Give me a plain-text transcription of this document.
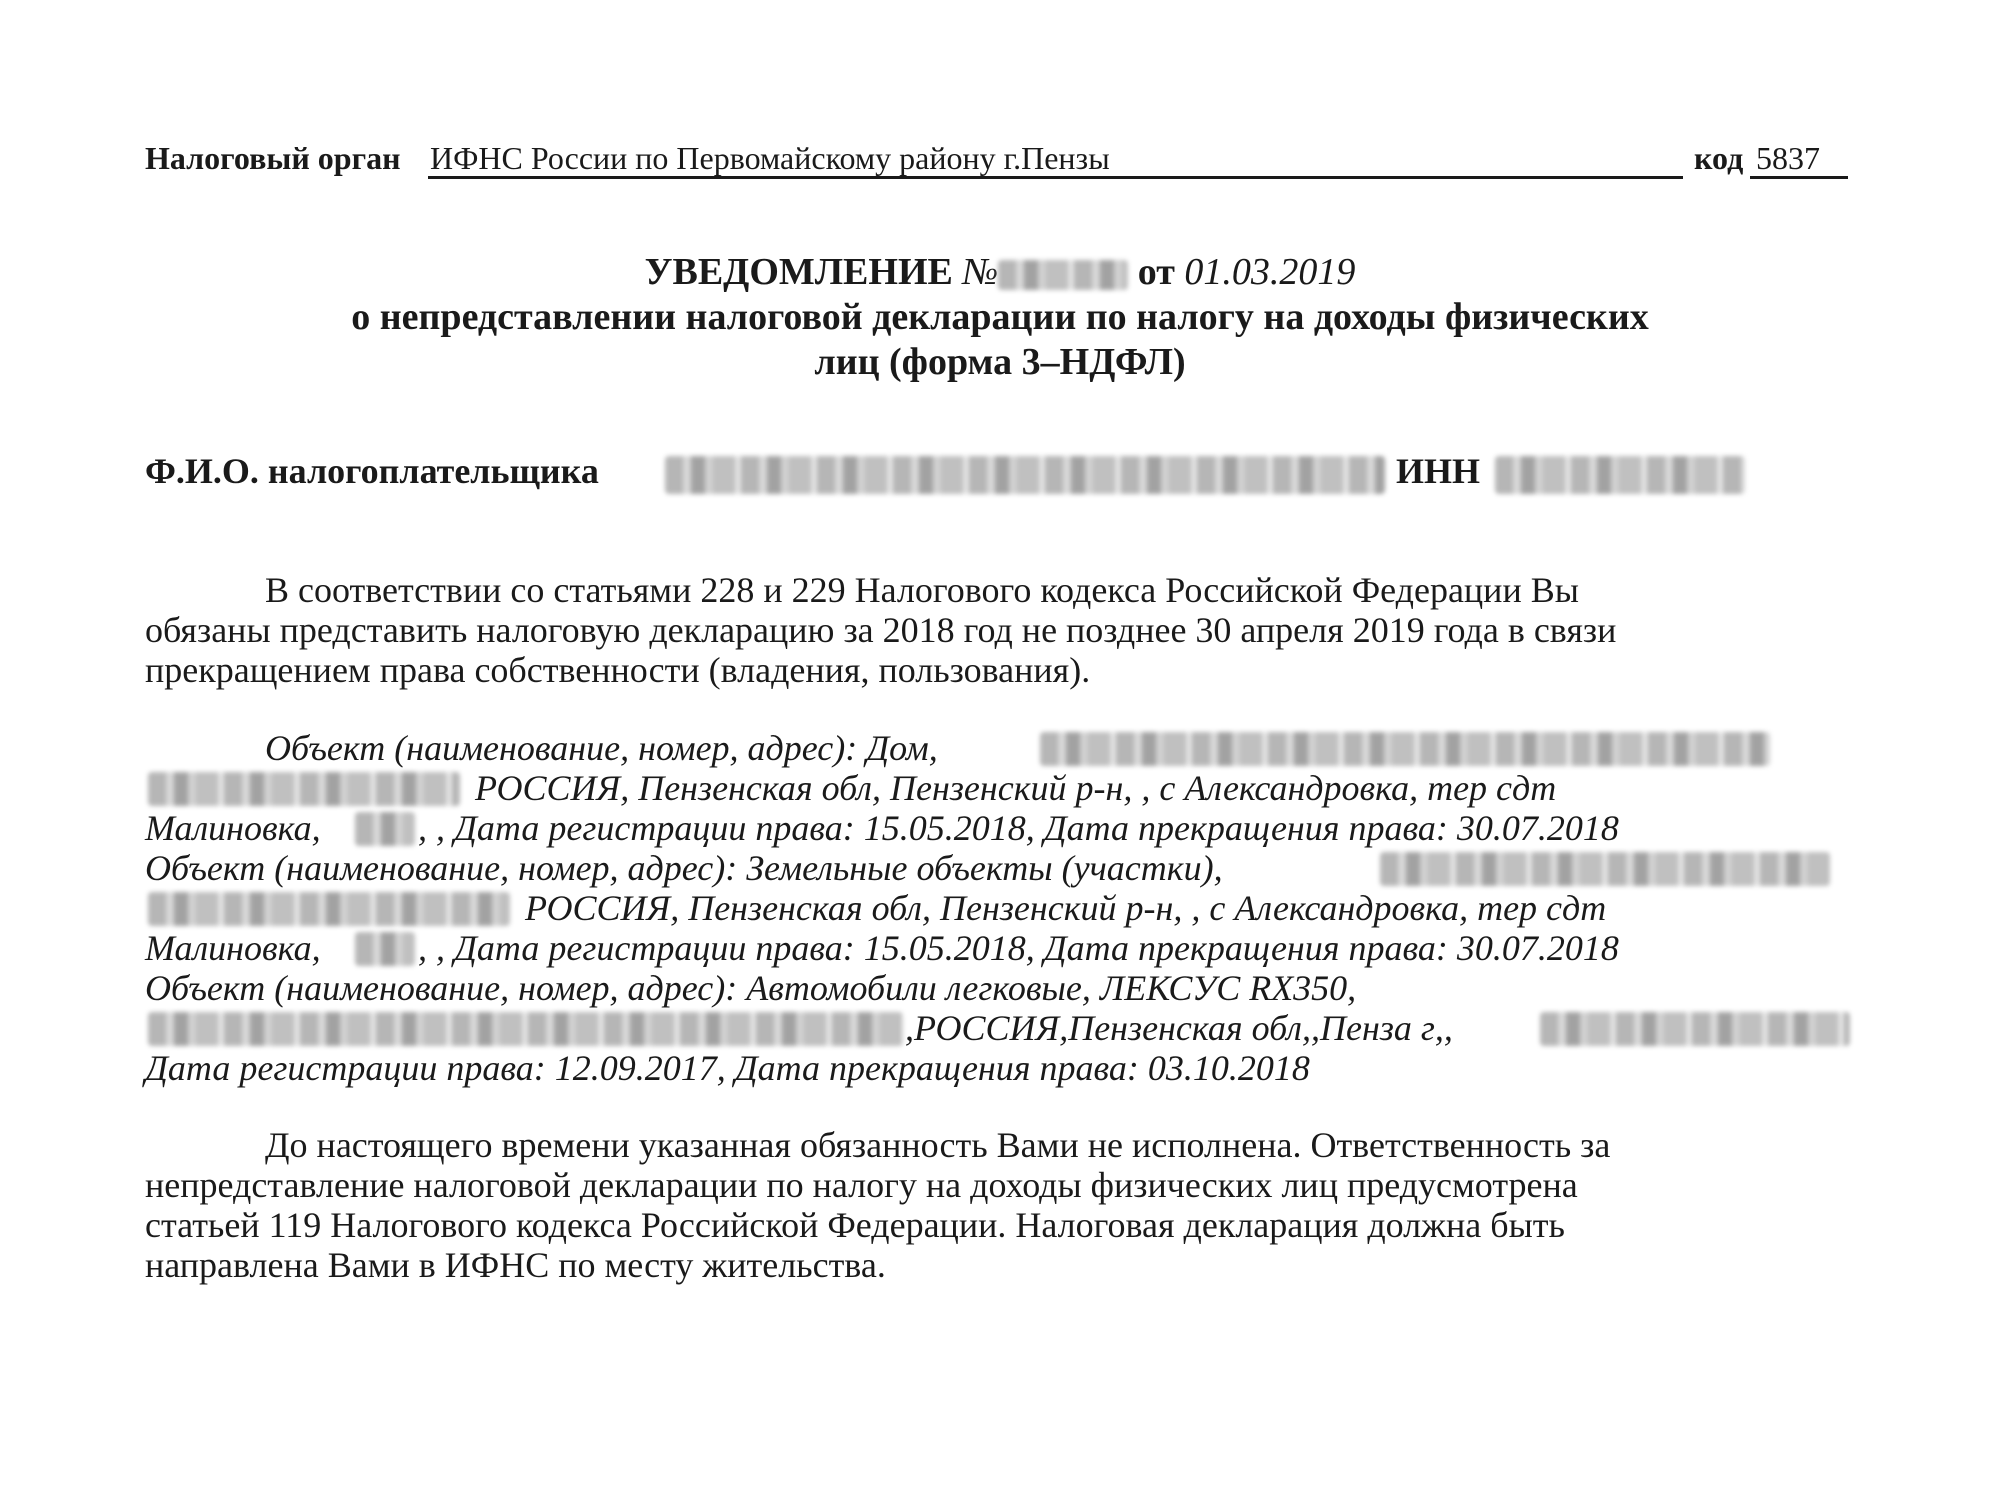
Налоговый орган ИФНС России по Первомайскому району г.Пензы	код 5837
УВЕДОМЛЕНИЕ №	от 01.03.2019
о непредставлении налоговой декларации по налогу на доходы физических
лиц (форма 3–НДФЛ)
Ф.И.О. налогоплательщика	ИНН
В соответствии со статьями 228 и 229 Налогового кодекса Российской Федерации Вы
обязаны представить налоговую декларацию за 2018 год не позднее 30 апреля 2019 года в связи
прекращением права собственности (владения, пользования).
Объект (наименование, номер, адрес): Дом,
РОССИЯ, Пензенская обл, Пензенский р-н, , с Александровка, тер сдт
Малиновка,	, , Дата регистрации права: 15.05.2018, Дата прекращения права: 30.07.2018
Объект (наименование, номер, адрес): Земельные объекты (участки),
РОССИЯ, Пензенская обл, Пензенский р-н, , с Александровка, тер сдт
Малиновка,	, , Дата регистрации права: 15.05.2018, Дата прекращения права: 30.07.2018
Объект (наименование, номер, адрес): Автомобили легковые, ЛЕКСУС RX350,
,РОССИЯ,Пензенская обл,,Пенза г,,
Дата регистрации права: 12.09.2017, Дата прекращения права: 03.10.2018
До настоящего времени указанная обязанность Вами не исполнена. Ответственность за
непредставление налоговой декларации по налогу на доходы физических лиц предусмотрена
статьей 119 Налогового кодекса Российской Федерации. Налоговая декларация должна быть
направлена Вами в ИФНС по месту жительства.
